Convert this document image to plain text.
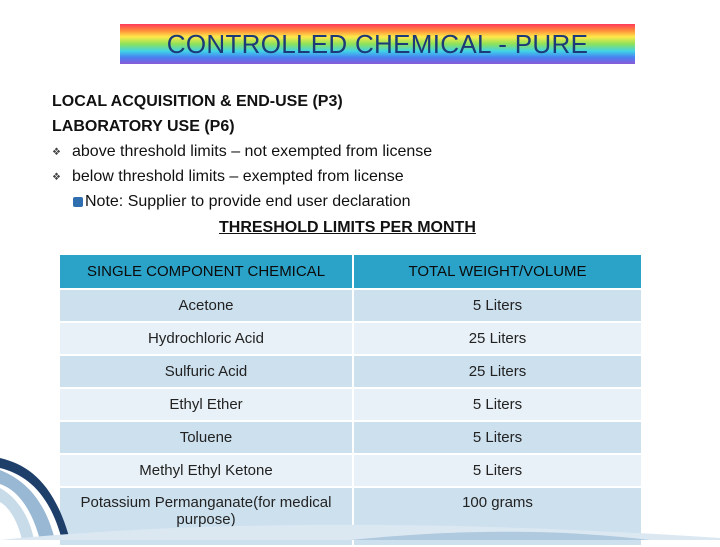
CONTROLLED CHEMICAL - PURE
LOCAL ACQUISITION & END-USE (P3)
LABORATORY USE (P6)
❖ above threshold limits – not exempted from license
❖ below threshold limits – exempted from license
Note: Supplier to provide end user declaration
THRESHOLD LIMITS PER MONTH
SINGLE COMPONENT CHEMICAL	TOTAL WEIGHT/VOLUME
Acetone	5 Liters
Hydrochloric Acid	25 Liters
Sulfuric Acid	25 Liters
Ethyl Ether	5 Liters
Toluene	5 Liters
Methyl Ethyl Ketone	5 Liters
Potassium Permanganate(for medical purpose)	100 grams
